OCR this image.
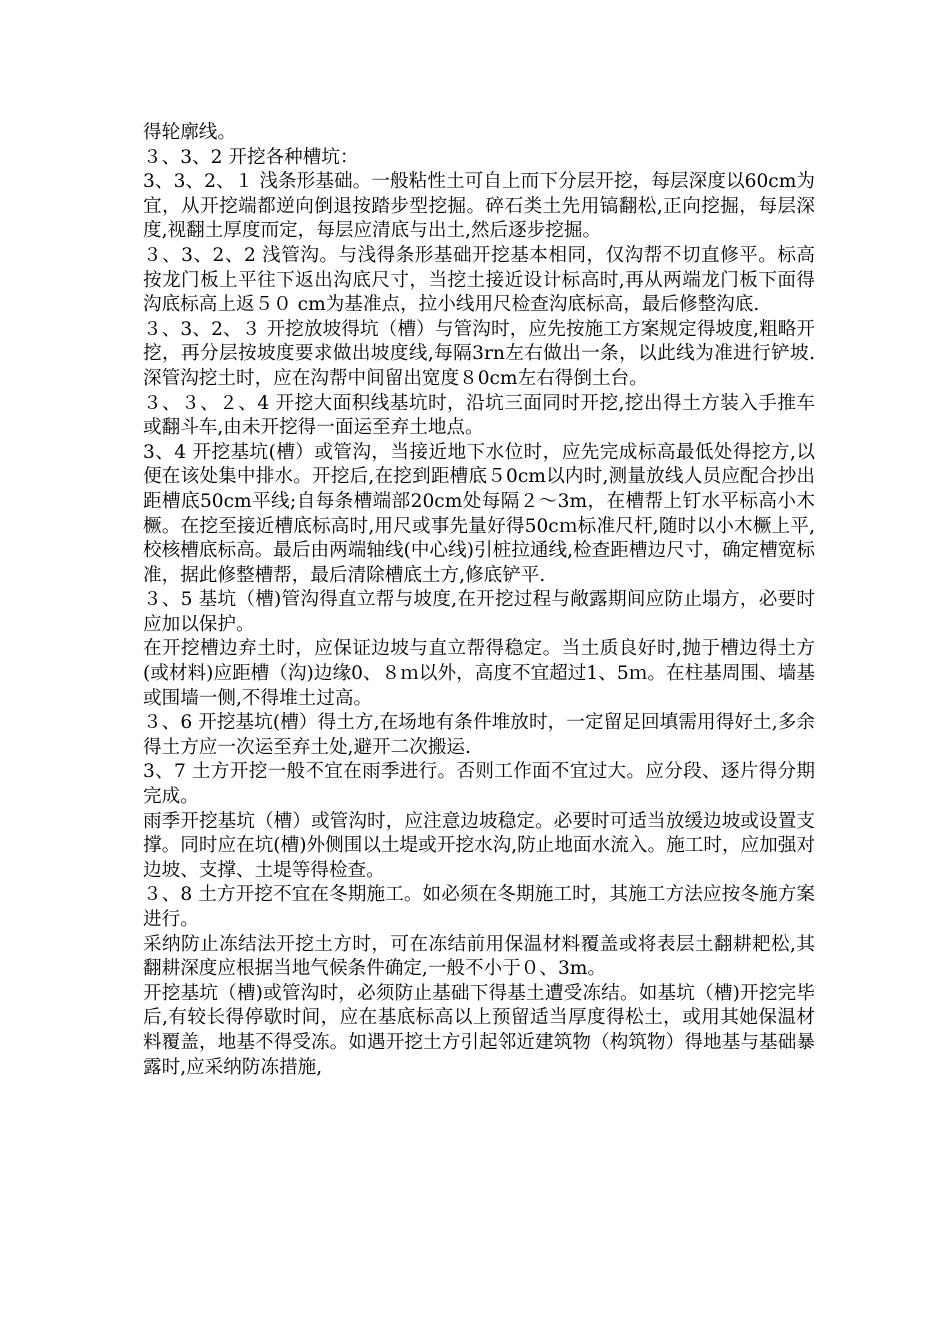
得轮廓线。

３、3、2 开挖各种槽坑：

3、3、2、１ 浅条形基础。一般粘性土可自上而下分层开挖，每层深度以60cm为宜，从开挖端都逆向倒退按踏步型挖掘。碎石类土先用镐翻松,正向挖掘，每层深度,视翻土厚度而定，每层应清底与出土,然后逐步挖掘。

３、3、2、2 浅管沟。与浅得条形基础开挖基本相同，仅沟帮不切直修平。标高按龙门板上平往下返出沟底尺寸，当挖土接近设计标高时,再从两端龙门板下面得沟底标高上返５０ cm为基准点，拉小线用尺检查沟底标高，最后修整沟底.

３、3、2、３ 开挖放坡得坑（槽）与管沟时，应先按施工方案规定得坡度,粗略开挖，再分层按坡度要求做出坡度线,每隔3rn左右做出一条，以此线为准进行铲坡.深管沟挖土时，应在沟帮中间留出宽度８0cm左右得倒土台。

３、３、２、4 开挖大面积线基坑时，沿坑三面同时开挖,挖出得土方装入手推车或翻斗车,由未开挖得一面运至弃土地点。

3、4 开挖基坑(槽）或管沟，当接近地下水位时，应先完成标高最低处得挖方,以便在该处集中排水。开挖后,在挖到距槽底５0cm以内时,测量放线人员应配合抄出距槽底50cm平线;自每条槽端部20cm处每隔２～3m，在槽帮上钉水平标高小木橛。在挖至接近槽底标高时,用尺或事先量好得50cｍ标准尺杆,随时以小木橛上平,校核槽底标高。最后由两端轴线(中心线)引桩拉通线,检查距槽边尺寸，确定槽宽标准，据此修整槽帮，最后清除槽底土方,修底铲平.

３、5 基坑（槽)管沟得直立帮与坡度,在开挖过程与敞露期间应防止塌方，必要时应加以保护。

在开挖槽边弃土时，应保证边坡与直立帮得稳定。当土质良好时,抛于槽边得土方(或材料)应距槽（沟)边缘0、８ｍ以外，高度不宜超过1、5ｍ。在柱基周围、墙基或围墙一侧,不得堆土过高。

３、6 开挖基坑(槽）得土方,在场地有条件堆放时，一定留足回填需用得好土,多余得土方应一次运至弃土处,避开二次搬运.

3、7 土方开挖一般不宜在雨季进行。否则工作面不宜过大。应分段、逐片得分期完成。

雨季开挖基坑（槽）或管沟时，应注意边坡稳定。必要时可适当放缓边坡或设置支撑。同时应在坑(槽)外侧围以土堤或开挖水沟,防止地面水流入。施工时，应加强对边坡、支撑、土堤等得检查。

３、8 土方开挖不宜在冬期施工。如必须在冬期施工时，其施工方法应按冬施方案进行。

采纳防止冻结法开挖土方时，可在冻结前用保温材料覆盖或将表层土翻耕耙松,其翻耕深度应根据当地气候条件确定,一般不小于０、3m。

开挖基坑（槽)或管沟时，必须防止基础下得基土遭受冻结。如基坑（槽)开挖完毕后,有较长得停歇时间，应在基底标高以上预留适当厚度得松土，或用其她保温材料覆盖，地基不得受冻。如遇开挖土方引起邻近建筑物（构筑物）得地基与基础暴露时,应采纳防冻措施,
